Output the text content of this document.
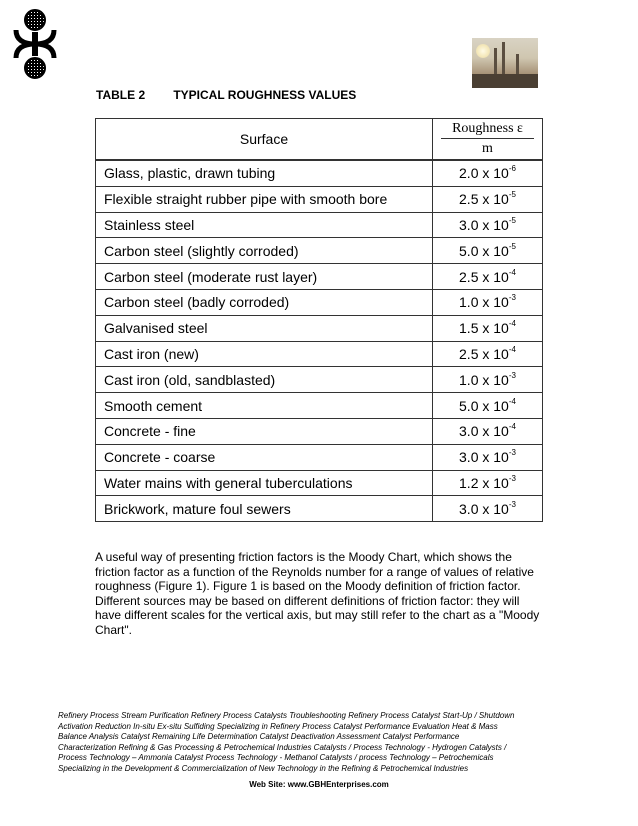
TABLE 2 TYPICAL ROUGHNESS VALUES
Surface	Roughness ε
m

Glass, plastic, drawn tubing	2.0 x $10^{-6}$
Flexible straight rubber pipe with smooth bore	2.5 x $10^{-5}$
Stainless steel	3.0 x $10^{-5}$
Carbon steel (slightly corroded)	5.0 x $10^{-5}$
Carbon steel (moderate rust layer)	2.5 x $10^{-4}$
Carbon steel (badly corroded)	1.0 x $10^{-3}$
Galvanised steel	1.5 x $10^{-4}$
Cast iron (new)	2.5 x $10^{-4}$
Cast iron (old, sandblasted)	1.0 x $10^{-3}$
Smooth cement	5.0 x $10^{-4}$
Concrete - fine	3.0 x $10^{-4}$
Concrete - coarse	3.0 x $10^{-3}$
Water mains with general tuberculations	1.2 x $10^{-3}$
Brickwork, mature foul sewers	3.0 x $10^{-3}$
A useful way of presenting friction factors is the Moody Chart, which shows the friction factor as a function of the Reynolds number for a range of values of relative roughness (Figure 1). Figure 1 is based on the Moody definition of friction factor. Different sources may be based on different definitions of friction factor: they will have different scales for the vertical axis, but may still refer to the chart as a "Moody Chart".
Refinery Process Stream Purification Refinery Process Catalysts Troubleshooting Refinery Process Catalyst Start-Up / Shutdown
Activation Reduction In-situ Ex-situ Sulfiding Specializing in Refinery Process Catalyst Performance Evaluation Heat & Mass
Balance Analysis Catalyst Remaining Life Determination Catalyst Deactivation Assessment Catalyst Performance
Characterization Refining & Gas Processing & Petrochemical Industries Catalysts / Process Technology - Hydrogen Catalysts /
Process Technology – Ammonia Catalyst Process Technology - Methanol Catalysts / process Technology – Petrochemicals
Specializing in the Development & Commercialization of New Technology in the Refining & Petrochemical Industries
Web Site: www.GBHEnterprises.com
